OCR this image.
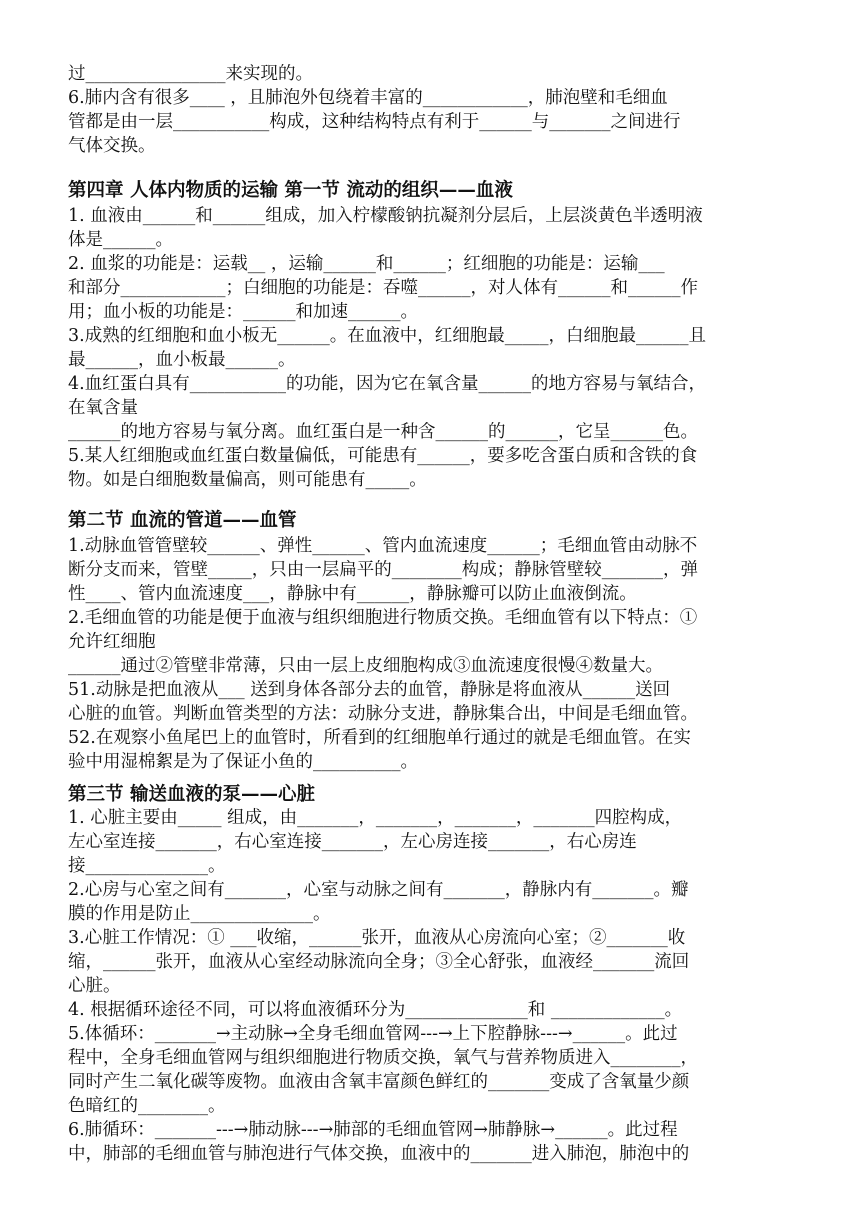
过________________来实现的。
6.肺内含有很多____ ，且肺泡外包绕着丰富的____________，肺泡壁和毛细血
管都是由一层___________构成，这种结构特点有利于______与_______之间进行
气体交换。
第四章 人体内物质的运输 第一节 流动的组织——血液
1. 血液由______和______组成，加入柠檬酸钠抗凝剂分层后，上层淡黄色半透明液
体是______。
2. 血浆的功能是：运载__ ，运输______和______；红细胞的功能是：运输___
和部分____________；白细胞的功能是：吞噬______，对人体有______和______作
用；血小板的功能是：______和加速______。
3.成熟的红细胞和血小板无______。在血液中，红细胞最_____，白细胞最______且
最______，血小板最______。
4.血红蛋白具有___________的功能，因为它在氧含量______的地方容易与氧结合，
在氧含量
______的地方容易与氧分离。血红蛋白是一种含______的______，它呈______色。
5.某人红细胞或血红蛋白数量偏低，可能患有______，要多吃含蛋白质和含铁的食
物。如是白细胞数量偏高，则可能患有_____。
第二节 血流的管道——血管
1.动脉血管管壁较______、弹性______、管内血流速度______；毛细血管由动脉不
断分支而来，管壁_____，只由一层扁平的________构成；静脉管壁较_______，弹
性____、管内血流速度___，静脉中有______，静脉瓣可以防止血液倒流。
2.毛细血管的功能是便于血液与组织细胞进行物质交换。毛细血管有以下特点：①
允许红细胞
______通过②管壁非常薄，只由一层上皮细胞构成③血流速度很慢④数量大。
51.动脉是把血液从___ 送到身体各部分去的血管，静脉是将血液从______送回
心脏的血管。判断血管类型的方法：动脉分支进，静脉集合出，中间是毛细血管。
52.在观察小鱼尾巴上的血管时，所看到的红细胞单行通过的就是毛细血管。在实
验中用湿棉絮是为了保证小鱼的__________。
第三节 输送血液的泵——心脏
1. 心脏主要由_____ 组成，由_______，_______，_______，_______四腔构成，
左心室连接_______，右心室连接_______，左心房连接_______，右心房连
接______________。
2.心房与心室之间有_______，心室与动脉之间有_______，静脉内有_______。瓣
膜的作用是防止______________。
3.心脏工作情况：① ___收缩，______张开，血液从心房流向心室；②_______收
缩，______张开，血液从心室经动脉流向全身；③全心舒张，血液经_______流回
心脏。
4. 根据循环途径不同，可以将血液循环分为______________和 _____________。
5.体循环：_______→主动脉→全身毛细血管网---→上下腔静脉---→______。此过
程中，全身毛细血管网与组织细胞进行物质交换，氧气与营养物质进入________，
同时产生二氧化碳等废物。血液由含氧丰富颜色鲜红的_______变成了含氧量少颜
色暗红的________。
6.肺循环：_______---→肺动脉---→肺部的毛细血管网→肺静脉→______。此过程
中，肺部的毛细血管与肺泡进行气体交换，血液中的_______进入肺泡，肺泡中的
